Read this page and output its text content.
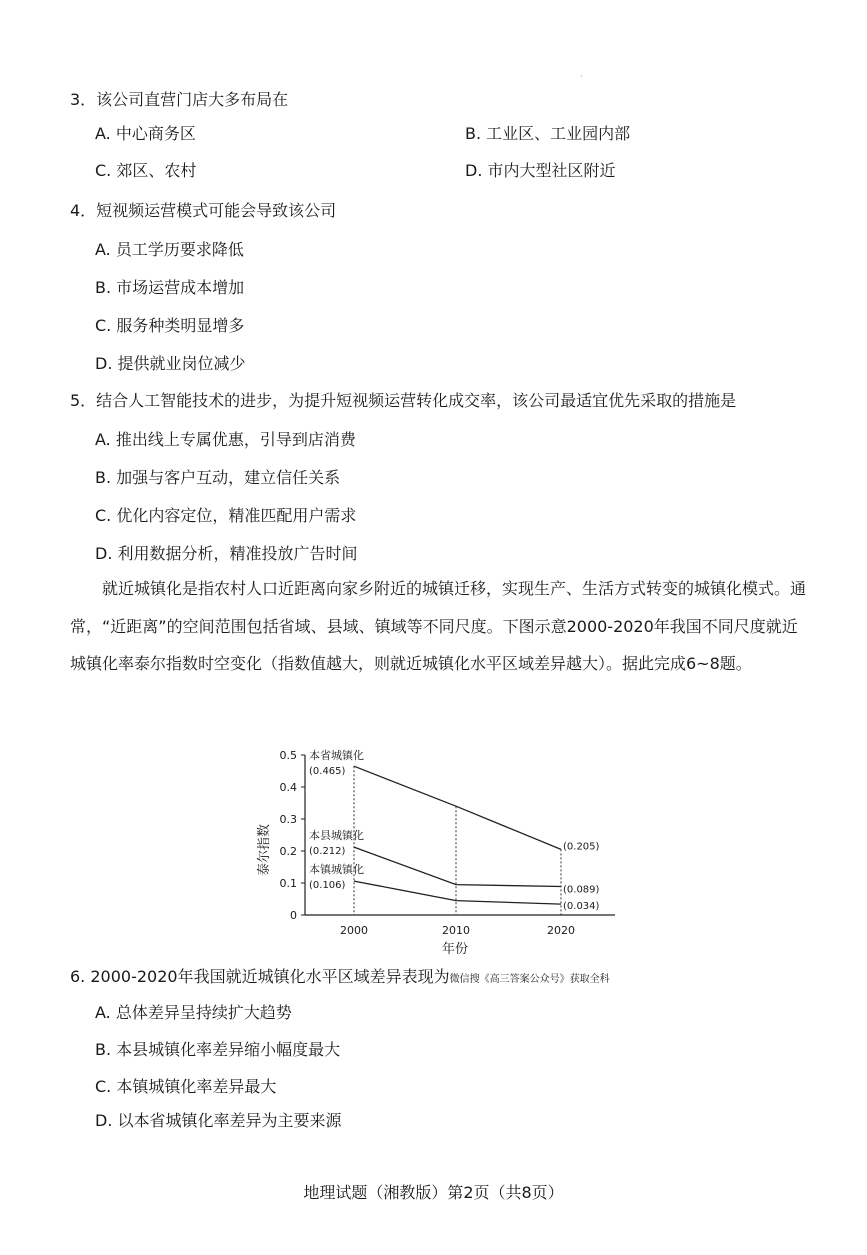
·
3．该公司直营门店大多布局在
A. 中心商务区	B. 工业区、工业园内部
C. 郊区、农村	D. 市内大型社区附近
4．短视频运营模式可能会导致该公司
A. 员工学历要求降低
B. 市场运营成本增加
C. 服务种类明显增多
D. 提供就业岗位减少
5．结合人工智能技术的进步，为提升短视频运营转化成交率，该公司最适宜优先采取的措施是
A. 推出线上专属优惠，引导到店消费
B. 加强与客户互动，建立信任关系
C. 优化内容定位，精准匹配用户需求
D. 利用数据分析，精准投放广告时间
就近城镇化是指农村人口近距离向家乡附近的城镇迁移，实现生产、生活方式转变的城镇化模式。通常，“近距离”的空间范围包括省域、县域、镇域等不同尺度。下图示意2000-2020年我国不同尺度就近城镇化率泰尔指数时空变化（指数值越大，则就近城镇化水平区域差异越大）。据此完成6~8题。
泰尔指数
年份
0
0.1
0.2
0.3
0.4
0.5
2000	2010	2020
本省城镇化
(0.465)
(0.205)
本县城镇化
(0.212)
(0.089)
本镇城镇化
(0.106)
(0.034)
6. 2000-2020年我国就近城镇化水平区域差异表现为微信搜《高三答案公众号》获取全科
A. 总体差异呈持续扩大趋势
B. 本县城镇化率差异缩小幅度最大
C. 本镇城镇化率差异最大
D. 以本省城镇化率差异为主要来源
地理试题（湘教版）第2页（共8页）
